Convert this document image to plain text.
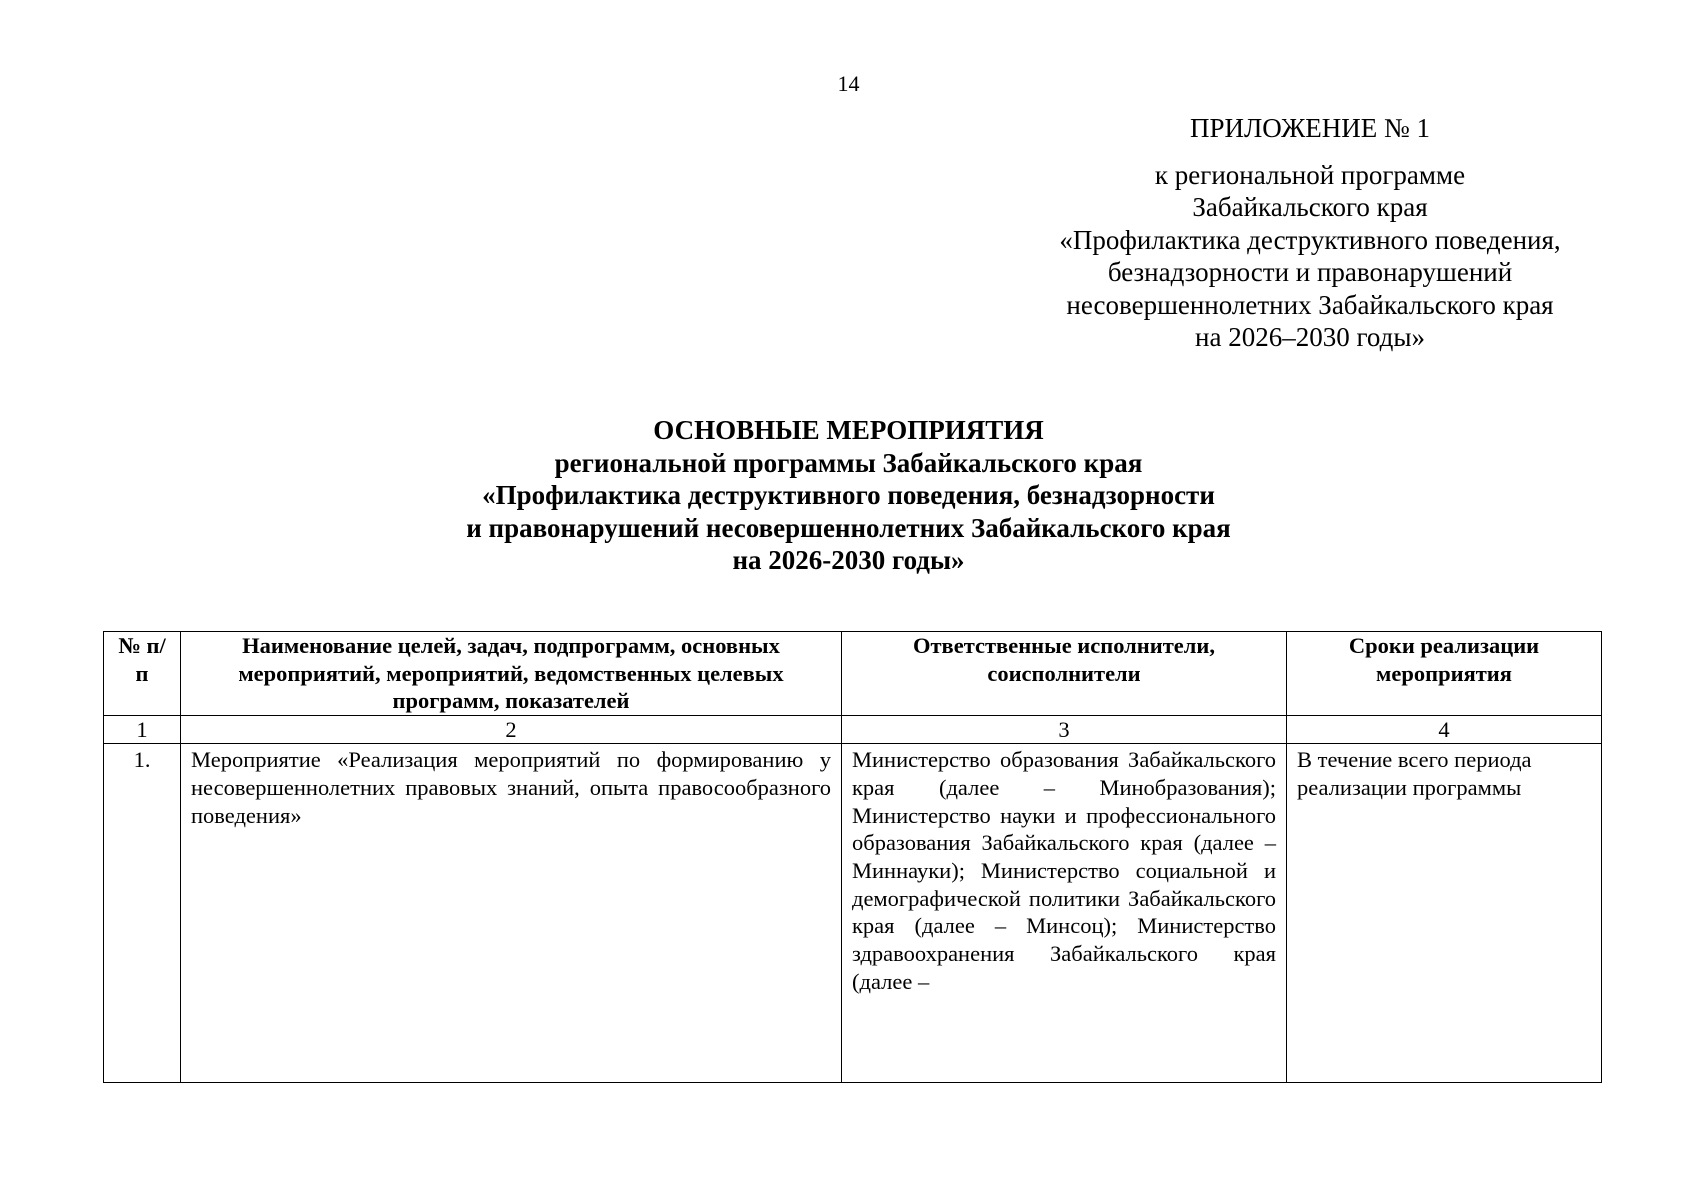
14
ПРИЛОЖЕНИЕ № 1
к региональной программе
Забайкальского края
«Профилактика деструктивного поведения,
безнадзорности и правонарушений
несовершеннолетних Забайкальского края
на 2026–2030 годы»
ОСНОВНЫЕ МЕРОПРИЯТИЯ
региональной программы Забайкальского края
«Профилактика деструктивного поведения, безнадзорности
и правонарушений несовершеннолетних Забайкальского края
на 2026-2030 годы»
№ п/п	Наименование целей, задач, подпрограмм, основных мероприятий, мероприятий, ведомственных целевых программ, показателей	Ответственные исполнители, соисполнители	Сроки реализации мероприятия
1	2	3	4
1.	Мероприятие «Реализация мероприятий по формированию у несовершеннолетних правовых знаний, опыта правосообразного поведения»	Министерство образования Забайкальского края (далее – Минобразования); Министерство науки и профессионального образования Забайкальского края (далее – Миннауки); Министерство социальной и демографической политики Забайкальского края (далее – Минсоц); Министерство здравоохранения Забайкальского края (далее –	В течение всего периода реализации программы
